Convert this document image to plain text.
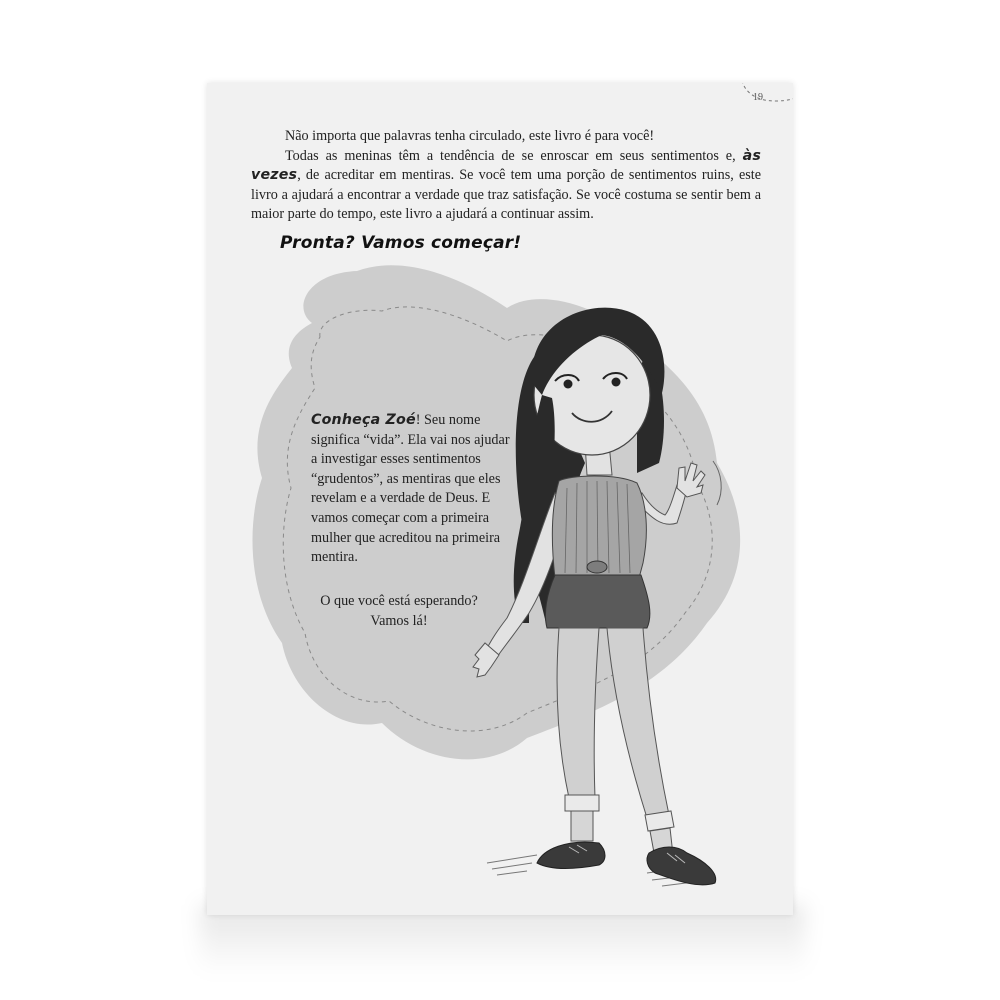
19

Não importa que palavras tenha circulado, este livro é para você!

Todas as meninas têm a tendência de se enroscar em seus sentimentos e, às vezes, de acreditar em mentiras. Se você tem uma porção de sentimentos ruins, este livro a ajudará a encontrar a verdade que traz satisfação. Se você costuma se sentir bem a maior parte do tempo, este livro a ajudará a continuar assim.

Pronta? Vamos começar!

Conheça Zoé! Seu nome significa “vida”. Ela vai nos ajudar a investigar esses sentimentos “grudentos”, as mentiras que eles revelam e a verdade de Deus. E vamos começar com a primeira mulher que acreditou na primeira mentira.

O que você está esperando?
Vamos lá!
